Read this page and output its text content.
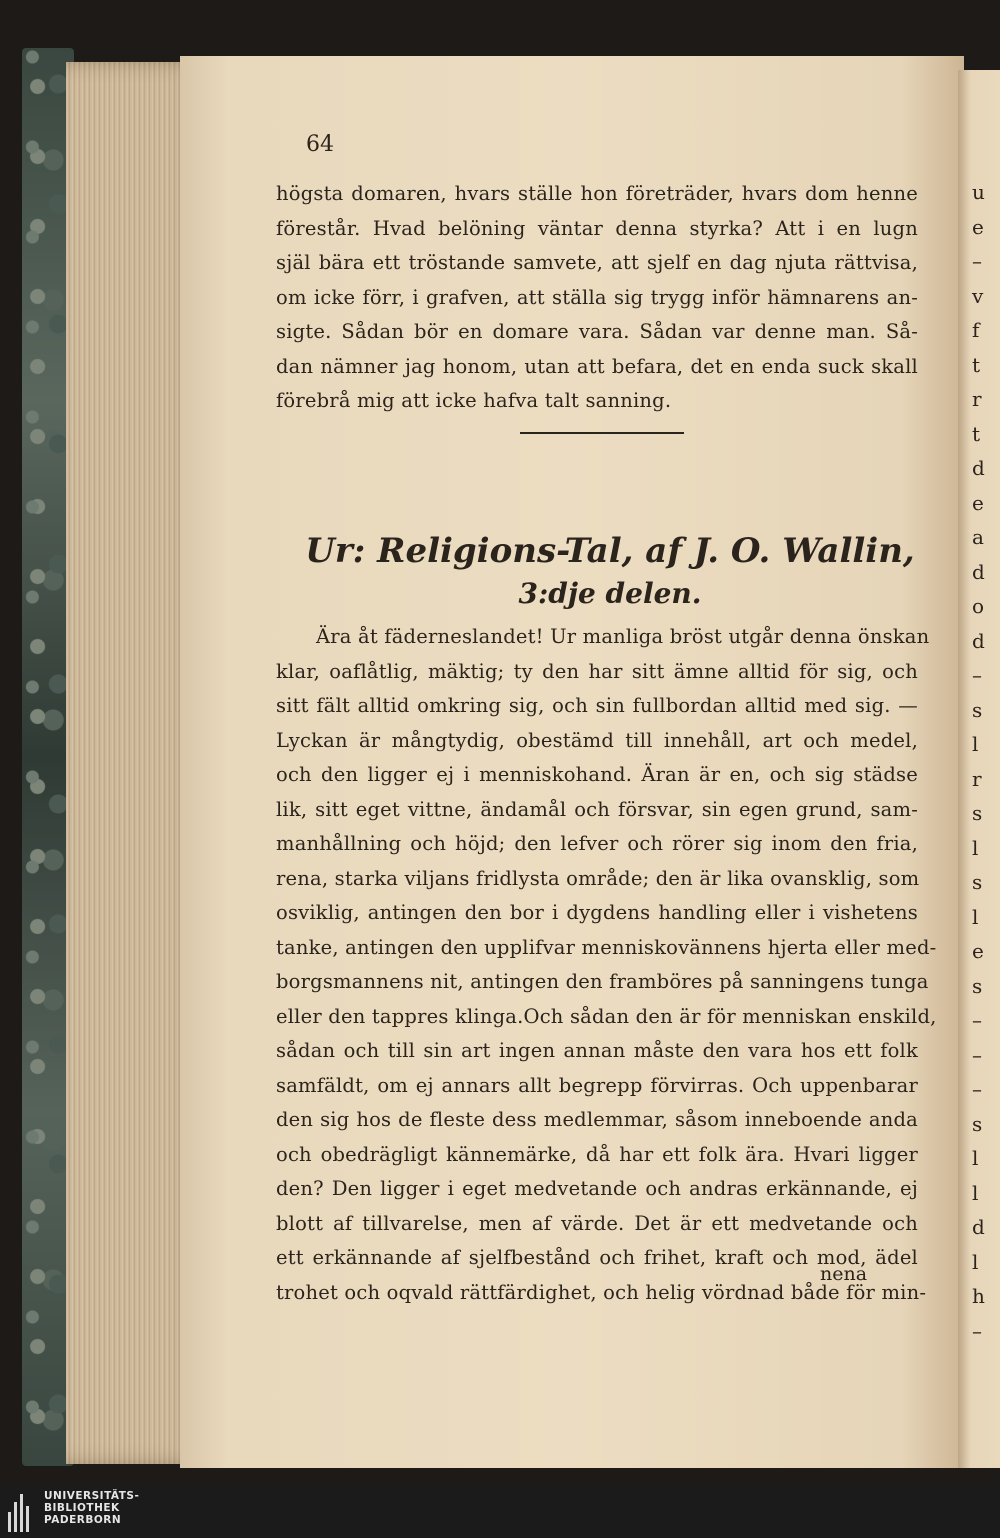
u
e
–
v
f
t
r
t
d
e
a
d
o
d
–
s
l
r
s
l
s
l
e
s
–
–
–
s
l
l
d
l
h
–
64
högsta domaren, hvars ställe hon företräder, hvars dom henne
förestår. Hvad belöning väntar denna styrka? Att i en lugn
själ bära ett tröstande samvete, att sjelf en dag njuta rättvisa,
om icke förr, i grafven, att ställa sig trygg inför hämnarens an-
sigte. Sådan bör en domare vara. Sådan var denne man. Så-
dan nämner jag honom, utan att befara, det en enda suck skall
förebrå mig att icke hafva talt sanning.
Ur: Religions-Tal, af J. O. Wallin,
3:dje delen.
Ära åt fäderneslandet! Ur manliga bröst utgår denna önskan
klar, oaflåtlig, mäktig; ty den har sitt ämne alltid för sig, och
sitt fält alltid omkring sig, och sin fullbordan alltid med sig. —
Lyckan är mångtydig, obestämd till innehåll, art och medel,
och den ligger ej i menniskohand. Äran är en, och sig städse
lik, sitt eget vittne, ändamål och försvar, sin egen grund, sam-
manhållning och höjd; den lefver och rörer sig inom den fria,
rena, starka viljans fridlysta område; den är lika ovansklig, som
osviklig, antingen den bor i dygdens handling eller i vishetens
tanke, antingen den upplifvar menniskovännens hjerta eller med-
borgsmannens nit, antingen den framböres på sanningens tunga
eller den tappres klinga.Och sådan den är för menniskan enskild,
sådan och till sin art ingen annan måste den vara hos ett folk
samfäldt, om ej annars allt begrepp förvirras. Och uppenbarar
den sig hos de fleste dess medlemmar, såsom inneboende anda
och obedrägligt kännemärke, då har ett folk ära. Hvari ligger
den? Den ligger i eget medvetande och andras erkännande, ej
blott af tillvarelse, men af värde. Det är ett medvetande och
ett erkännande af sjelfbestånd och frihet, kraft och mod, ädel
trohet och oqvald rättfärdighet, och helig vördnad både för min-
nena
UNIVERSITÄTS-
BIBLIOTHEK
PADERBORN
